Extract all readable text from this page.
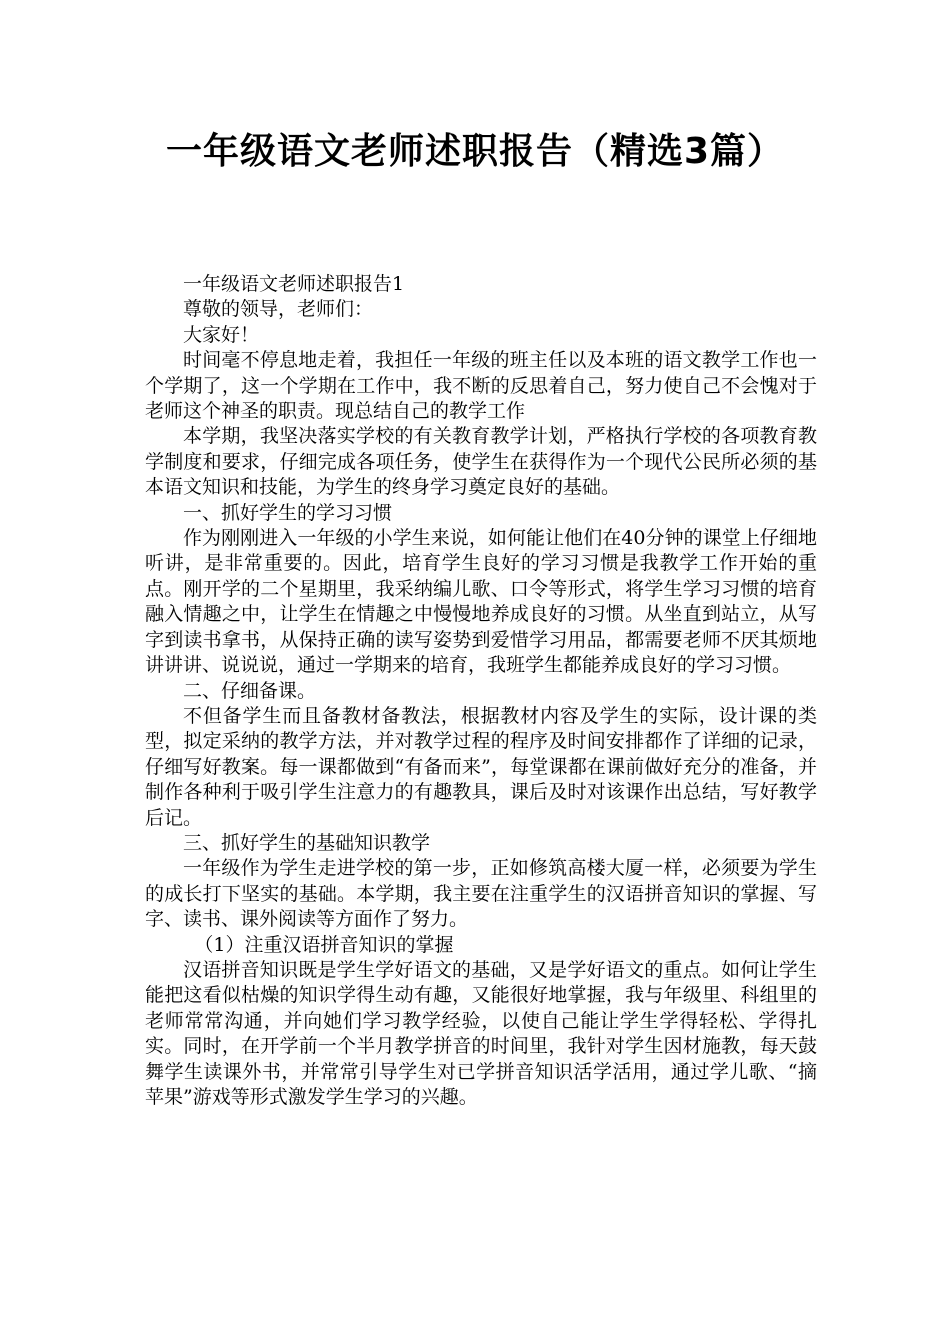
一年级语文老师述职报告（精选3篇）

一年级语文老师述职报告1

尊敬的领导，老师们：

大家好！

时间毫不停息地走着，我担任一年级的班主任以及本班的语文教学工作也一个学期了，这一个学期在工作中，我不断的反思着自己，努力使自己不会愧对于老师这个神圣的职责。现总结自己的教学工作

本学期，我坚决落实学校的有关教育教学计划，严格执行学校的各项教育教学制度和要求，仔细完成各项任务，使学生在获得作为一个现代公民所必须的基本语文知识和技能，为学生的终身学习奠定良好的基础。

一、抓好学生的学习习惯

作为刚刚进入一年级的小学生来说，如何能让他们在40分钟的课堂上仔细地听讲，是非常重要的。因此，培育学生良好的学习习惯是我教学工作开始的重点。刚开学的二个星期里，我采纳编儿歌、口令等形式，将学生学习习惯的培育融入情趣之中，让学生在情趣之中慢慢地养成良好的习惯。从坐直到站立，从写字到读书拿书，从保持正确的读写姿势到爱惜学习用品，都需要老师不厌其烦地讲讲讲、说说说，通过一学期来的培育，我班学生都能养成良好的学习习惯。

二、仔细备课。

不但备学生而且备教材备教法，根据教材内容及学生的实际，设计课的类型，拟定采纳的教学方法，并对教学过程的程序及时间安排都作了详细的记录，仔细写好教案。每一课都做到“有备而来”，每堂课都在课前做好充分的准备，并制作各种利于吸引学生注意力的有趣教具，课后及时对该课作出总结，写好教学后记。

三、抓好学生的基础知识教学

一年级作为学生走进学校的第一步，正如修筑高楼大厦一样，必须要为学生的成长打下坚实的基础。本学期，我主要在注重学生的汉语拼音知识的掌握、写字、读书、课外阅读等方面作了努力。

（1）注重汉语拼音知识的掌握

汉语拼音知识既是学生学好语文的基础，又是学好语文的重点。如何让学生能把这看似枯燥的知识学得生动有趣，又能很好地掌握，我与年级里、科组里的老师常常沟通，并向她们学习教学经验，以使自己能让学生学得轻松、学得扎实。同时，在开学前一个半月教学拼音的时间里，我针对学生因材施教，每天鼓舞学生读课外书，并常常引导学生对已学拼音知识活学活用，通过学儿歌、“摘苹果”游戏等形式激发学生学习的兴趣。
